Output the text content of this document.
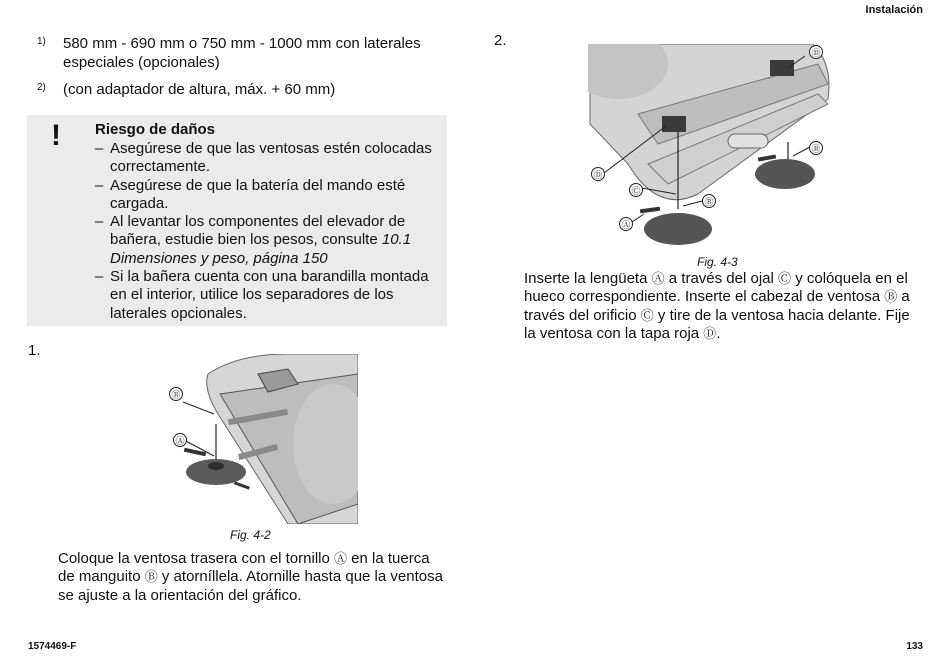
Instalación
1) 580 mm - 690 mm o 750 mm - 1000 mm con laterales especiales (opcionales)
2) (con adaptador de altura, máx. + 60 mm)
! Riesgo de daños
– Asegúrese de que las ventosas estén colocadas correctamente.
– Asegúrese de que la batería del mando esté cargada.
– Al levantar los componentes del elevador de bañera, estudie bien los pesos, consulte 10.1 Dimensiones y peso, página 150
– Si la bañera cuenta con una barandilla montada en el interior, utilice los separadores de los laterales opcionales.
1.
Ⓑ
Ⓐ
Fig. 4-2
Coloque la ventosa trasera con el tornillo Ⓐ en la tuerca de manguito Ⓑ y atorníllela. Atornille hasta que la ventosa se ajuste a la orientación del gráfico.
2.
Ⓓ
Ⓑ
Ⓓ
Ⓒ
Ⓑ
Ⓐ
Fig. 4-3
Inserte la lengüeta Ⓐ a través del ojal Ⓒ y colóquela en el hueco correspondiente. Inserte el cabezal de ventosa Ⓑ a través del orificio Ⓒ y tire de la ventosa hacia delante. Fije la ventosa con la tapa roja Ⓓ.
1574469-F	133
